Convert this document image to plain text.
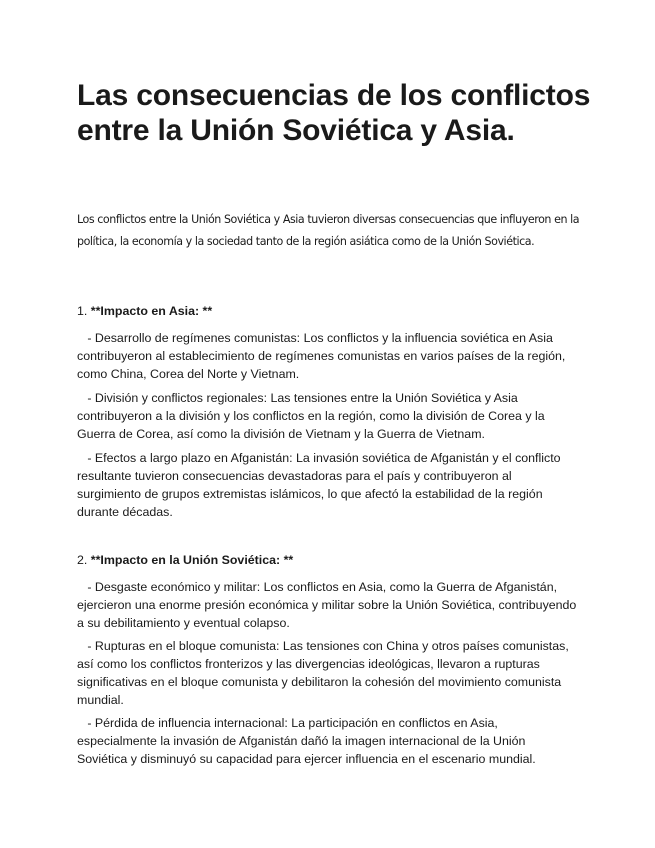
Las consecuencias de los conflictos entre la Unión Soviética y Asia.

Los conflictos entre la Unión Soviética y Asia tuvieron diversas consecuencias que influyeron en la política, la economía y la sociedad tanto de la región asiática como de la Unión Soviética.

1. **Impacto en Asia: **

- Desarrollo de regímenes comunistas: Los conflictos y la influencia soviética en Asia contribuyeron al establecimiento de regímenes comunistas en varios países de la región, como China, Corea del Norte y Vietnam.

- División y conflictos regionales: Las tensiones entre la Unión Soviética y Asia contribuyeron a la división y los conflictos en la región, como la división de Corea y la Guerra de Corea, así como la división de Vietnam y la Guerra de Vietnam.

- Efectos a largo plazo en Afganistán: La invasión soviética de Afganistán y el conflicto resultante tuvieron consecuencias devastadoras para el país y contribuyeron al surgimiento de grupos extremistas islámicos, lo que afectó la estabilidad de la región durante décadas.

2. **Impacto en la Unión Soviética: **

- Desgaste económico y militar: Los conflictos en Asia, como la Guerra de Afganistán, ejercieron una enorme presión económica y militar sobre la Unión Soviética, contribuyendo a su debilitamiento y eventual colapso.

- Rupturas en el bloque comunista: Las tensiones con China y otros países comunistas, así como los conflictos fronterizos y las divergencias ideológicas, llevaron a rupturas significativas en el bloque comunista y debilitaron la cohesión del movimiento comunista mundial.

- Pérdida de influencia internacional: La participación en conflictos en Asia, especialmente la invasión de Afganistán dañó la imagen internacional de la Unión Soviética y disminuyó su capacidad para ejercer influencia en el escenario mundial.
